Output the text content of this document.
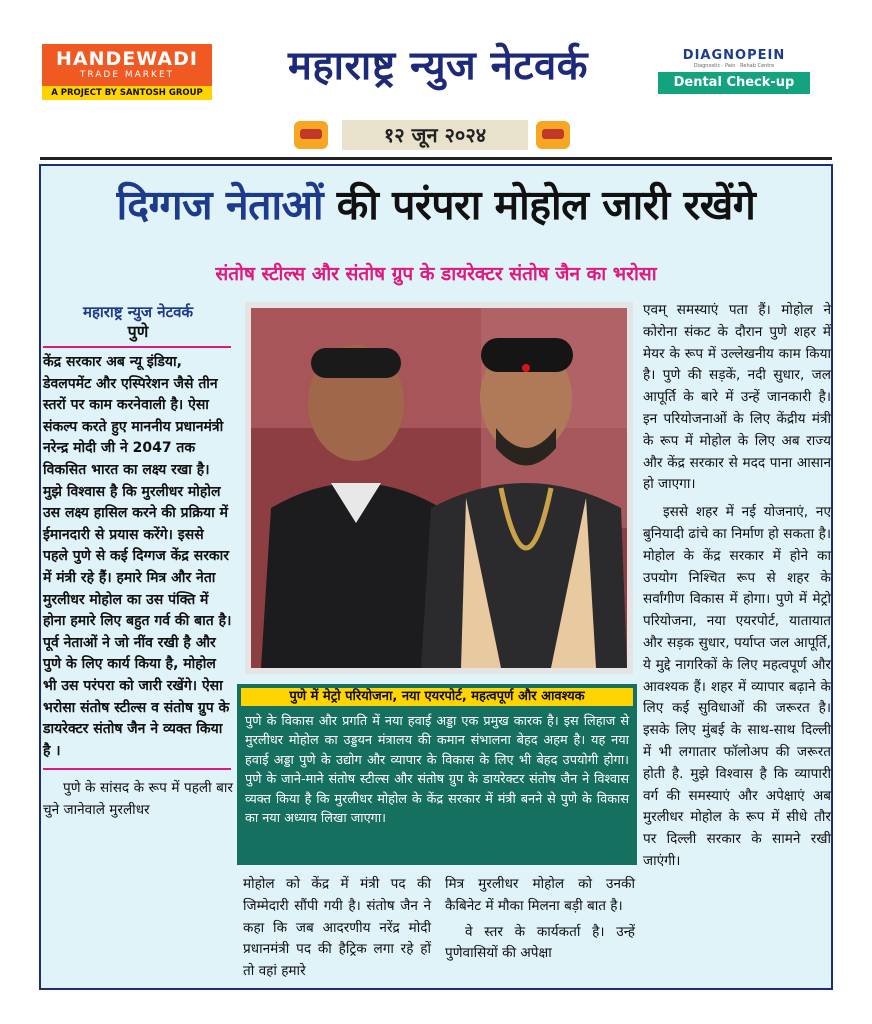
HANDEWADI
TRADE MARKET
A PROJECT BY SANTOSH GROUP
महाराष्ट्र न्युज नेटवर्क	DIAGNOPEIN
Diagnostic · Pain · Rehab Centre
Dental Check-up ₹50/-
१२ जून २०२४
दिग्गज नेताओं की परंपरा मोहोल जारी रखेंगे
संतोष स्टील्स और संतोष ग्रुप के डायरेक्टर संतोष जैन का भरोसा
महाराष्ट्र न्युज नेटवर्क
पुणे

केंद्र सरकार अब न्यू इंडिया, डेवलपमेंट और एस्पिरेशन जैसे तीन स्तरों पर काम करनेवाली है। ऐसा संकल्प करते हुए माननीय प्रधानमंत्री नरेन्द्र मोदी जी ने 2047 तक विकसित भारत का लक्ष्य रखा है। मुझे विश्वास है कि मुरलीधर मोहोल उस लक्ष्य हासिल करने की प्रक्रिया में ईमानदारी से प्रयास करेंगे। इससे पहले पुणे से कई दिग्गज केंद्र सरकार में मंत्री रहे हैं। हमारे मित्र और नेता मुरलीधर मोहोल का उस पंक्ति में होना हमारे लिए बहुत गर्व की बात है। पूर्व नेताओं ने जो नींव रखी है और पुणे के लिए कार्य किया है, मोहोल भी उस परंपरा को जारी रखेंगे। ऐसा भरोसा संतोष स्टील्स व संतोष ग्रुप के डायरेक्टर संतोष जैन ने व्यक्त किया है ।

पुणे के सांसद के रूप में पहली बार चुने जानेवाले मुरलीधर

पुणे में मेट्रो परियोजना, नया एयरपोर्ट, महत्वपूर्ण और आवश्यक

पुणे के विकास और प्रगति में नया हवाई अड्डा एक प्रमुख कारक है। इस लिहाज से मुरलीधर मोहोल का उड्डयन मंत्रालय की कमान संभालना बेहद अहम है। यह नया हवाई अड्डा पुणे के उद्योग और व्यापार के विकास के लिए भी बेहद उपयोगी होगा। पुणे के जाने-माने संतोष स्टील्स और संतोष ग्रुप के डायरेक्टर संतोष जैन ने विश्वास व्यक्त किया है कि मुरलीधर मोहोल के केंद्र सरकार में मंत्री बनने से पुणे के विकास का नया अध्याय लिखा जाएगा।

एवम् समस्याएं पता हैं। मोहोल ने कोरोना संकट के दौरान पुणे शहर में मेयर के रूप में उल्लेखनीय काम किया है। पुणे की सड़कें, नदी सुधार, जल आपूर्ति के बारे में उन्हें जानकारी है। इन परियोजनाओं के लिए केंद्रीय मंत्री के रूप में मोहोल के लिए अब राज्य और केंद्र सरकार से मदद पाना आसान हो जाएगा।

इससे शहर में नई योजनाएं, नए बुनियादी ढांचे का निर्माण हो सकता है। मोहोल के केंद्र सरकार में होने का उपयोग निश्चित रूप से शहर के सर्वांगीण विकास में होगा। पुणे में मेट्रो परियोजना, नया एयरपोर्ट, यातायात और सड़क सुधार, पर्याप्त जल आपूर्ति, ये मुद्दे नागरिकों के लिए महत्वपूर्ण और आवश्यक हैं। शहर में व्यापार बढ़ाने के लिए कई सुविधाओं की जरूरत है। इसके लिए मुंबई के साथ-साथ दिल्ली में भी लगातार फॉलोअप की जरूरत होती है. मुझे विश्वास है कि व्यापारी वर्ग की समस्याएं और अपेक्षाएं अब मुरलीधर मोहोल के रूप में सीधे तौर पर दिल्ली सरकार के सामने रखी जाएंगी।

मोहोल को केंद्र में मंत्री पद की जिम्मेदारी सौंपी गयी है। संतोष जैन ने कहा कि जब आदरणीय नरेंद्र मोदी प्रधानमंत्री पद की हैट्रिक लगा रहे हों तो वहां हमारे

मित्र मुरलीधर मोहोल को उनकी कैबिनेट में मौका मिलना बड़ी बात है।

वे स्तर के कार्यकर्ता है। उन्हें पुणेवासियों की अपेक्षा
